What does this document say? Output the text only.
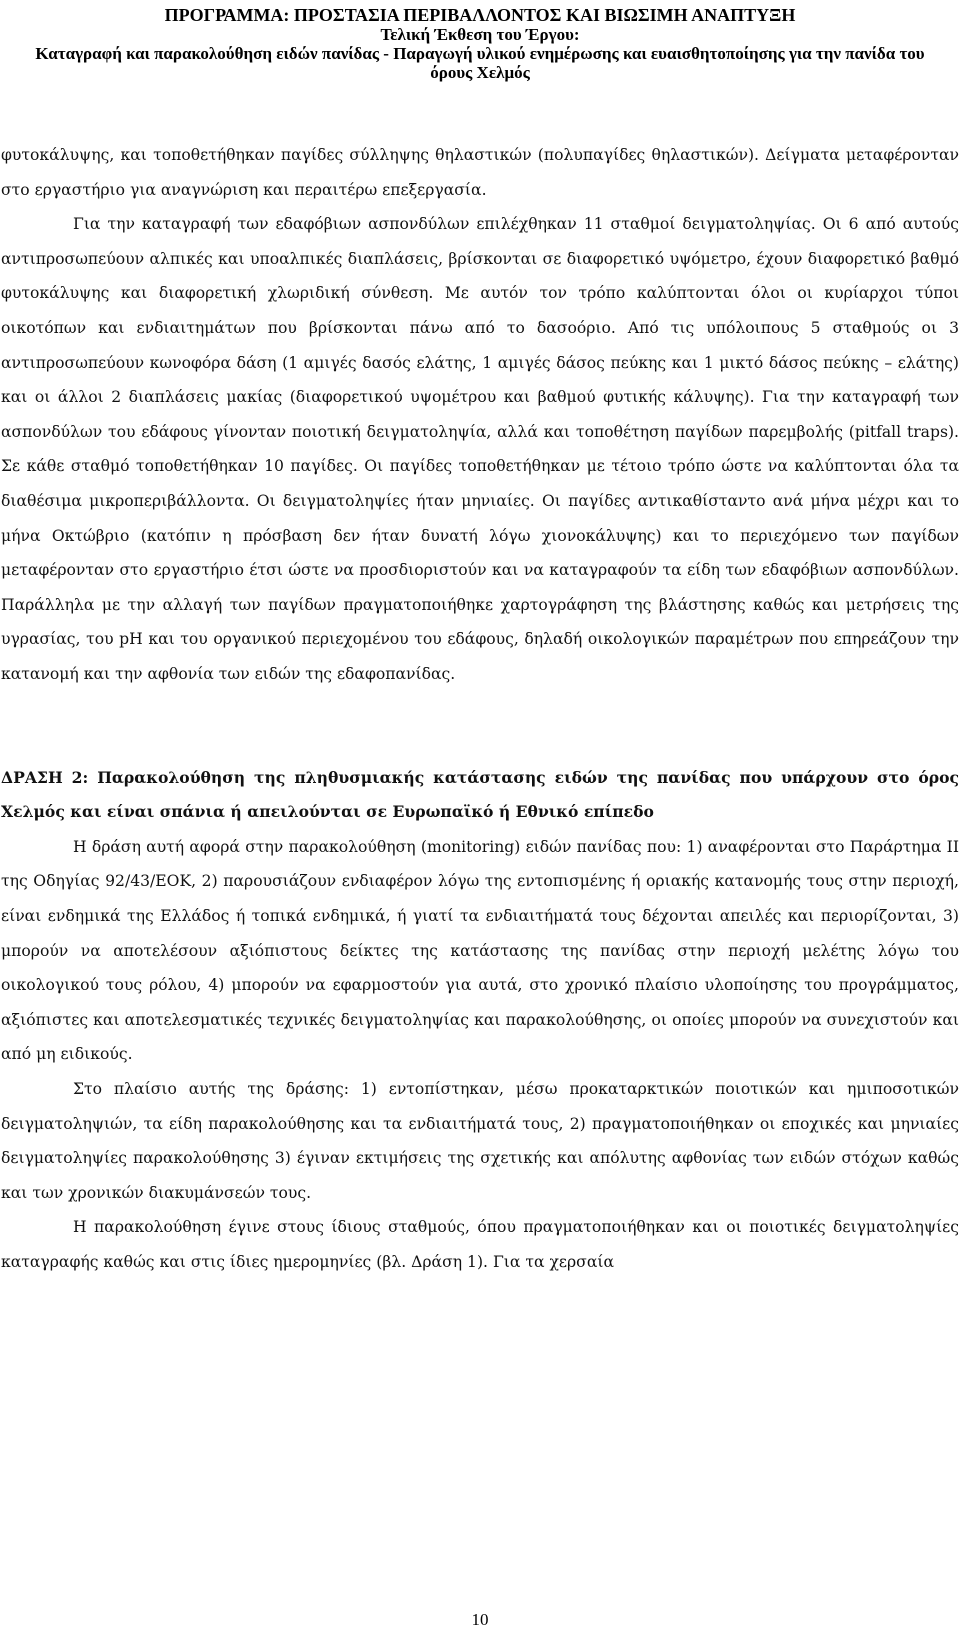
ΠΡΟΓΡΑΜΜΑ: ΠΡΟΣΤΑΣΙΑ ΠΕΡΙΒΑΛΛΟΝΤΟΣ ΚΑΙ ΒΙΩΣΙΜΗ ΑΝΑΠΤΥΞΗ
Τελική Έκθεση του Έργου:
Καταγραφή και παρακολούθηση ειδών πανίδας - Παραγωγή υλικού ενημέρωσης και ευαισθητοποίησης για την πανίδα του
όρους Χελμός

φυτοκάλυψης, και τοποθετήθηκαν παγίδες σύλληψης θηλαστικών (πολυπαγίδες θηλαστικών). Δείγματα μεταφέρονταν στο εργαστήριο για αναγνώριση και περαιτέρω επεξεργασία.

Για την καταγραφή των εδαφόβιων ασπονδύλων επιλέχθηκαν 11 σταθμοί δειγματοληψίας. Οι 6 από αυτούς αντιπροσωπεύουν αλπικές και υποαλπικές διαπλάσεις, βρίσκονται σε διαφορετικό υψόμετρο, έχουν διαφορετικό βαθμό φυτοκάλυψης και διαφορετική χλωριδική σύνθεση. Με αυτόν τον τρόπο καλύπτονται όλοι οι κυρίαρχοι τύποι οικοτόπων και ενδιαιτημάτων που βρίσκονται πάνω από το δασοόριο. Από τις υπόλοιπους 5 σταθμούς οι 3 αντιπροσωπεύουν κωνοφόρα δάση (1 αμιγές δασός ελάτης, 1 αμιγές δάσος πεύκης και 1 μικτό δάσος πεύκης – ελάτης) και οι άλλοι 2 διαπλάσεις μακίας (διαφορετικού υψομέτρου και βαθμού φυτικής κάλυψης). Για την καταγραφή των ασπονδύλων του εδάφους γίνονταν ποιοτική δειγματοληψία, αλλά και τοποθέτηση παγίδων παρεμβολής (pitfall traps). Σε κάθε σταθμό τοποθετήθηκαν 10 παγίδες. Οι παγίδες τοποθετήθηκαν με τέτοιο τρόπο ώστε να καλύπτονται όλα τα διαθέσιμα μικροπεριβάλλοντα. Οι δειγματοληψίες ήταν μηνιαίες. Οι παγίδες αντικαθίσταντο ανά μήνα μέχρι και το μήνα Οκτώβριο (κατόπιν η πρόσβαση δεν ήταν δυνατή λόγω χιονοκάλυψης) και το περιεχόμενο των παγίδων μεταφέρονταν στο εργαστήριο έτσι ώστε να προσδιοριστούν και να καταγραφούν τα είδη των εδαφόβιων ασπονδύλων. Παράλληλα με την αλλαγή των παγίδων πραγματοποιήθηκε χαρτογράφηση της βλάστησης καθώς και μετρήσεις της υγρασίας, του pH και του οργανικού περιεχομένου του εδάφους, δηλαδή οικολογικών παραμέτρων που επηρεάζουν την κατανομή και την αφθονία των ειδών της εδαφοπανίδας.

ΔΡΑΣΗ 2: Παρακολούθηση της πληθυσμιακής κατάστασης ειδών της πανίδας που υπάρχουν στο όρος Χελμός και είναι σπάνια ή απειλούνται σε Ευρωπαϊκό ή Εθνικό επίπεδο

Η δράση αυτή αφορά στην παρακολούθηση (monitoring) ειδών πανίδας που: 1) αναφέρονται στο Παράρτημα ΙΙ της Οδηγίας 92/43/ΕΟΚ, 2) παρουσιάζουν ενδιαφέρον λόγω της εντοπισμένης ή οριακής κατανομής τους στην περιοχή, είναι ενδημικά της Ελλάδος ή τοπικά ενδημικά, ή γιατί τα ενδιαιτήματά τους δέχονται απειλές και περιορίζονται, 3) μπορούν να αποτελέσουν αξιόπιστους δείκτες της κατάστασης της πανίδας στην περιοχή μελέτης λόγω του οικολογικού τους ρόλου, 4) μπορούν να εφαρμοστούν για αυτά, στο χρονικό πλαίσιο υλοποίησης του προγράμματος, αξιόπιστες και αποτελεσματικές τεχνικές δειγματοληψίας και παρακολούθησης, οι οποίες μπορούν να συνεχιστούν και από μη ειδικούς.

Στο πλαίσιο αυτής της δράσης: 1) εντοπίστηκαν, μέσω προκαταρκτικών ποιοτικών και ημιποσοτικών δειγματοληψιών, τα είδη παρακολούθησης και τα ενδιαιτήματά τους, 2) πραγματοποιήθηκαν οι εποχικές και μηνιαίες δειγματοληψίες παρακολούθησης 3) έγιναν εκτιμήσεις της σχετικής και απόλυτης αφθονίας των ειδών στόχων καθώς και των χρονικών διακυμάνσεών τους.

Η παρακολούθηση έγινε στους ίδιους σταθμούς, όπου πραγματοποιήθηκαν και οι ποιοτικές δειγματοληψίες καταγραφής καθώς και στις ίδιες ημερομηνίες (βλ. Δράση 1). Για τα χερσαία

10
